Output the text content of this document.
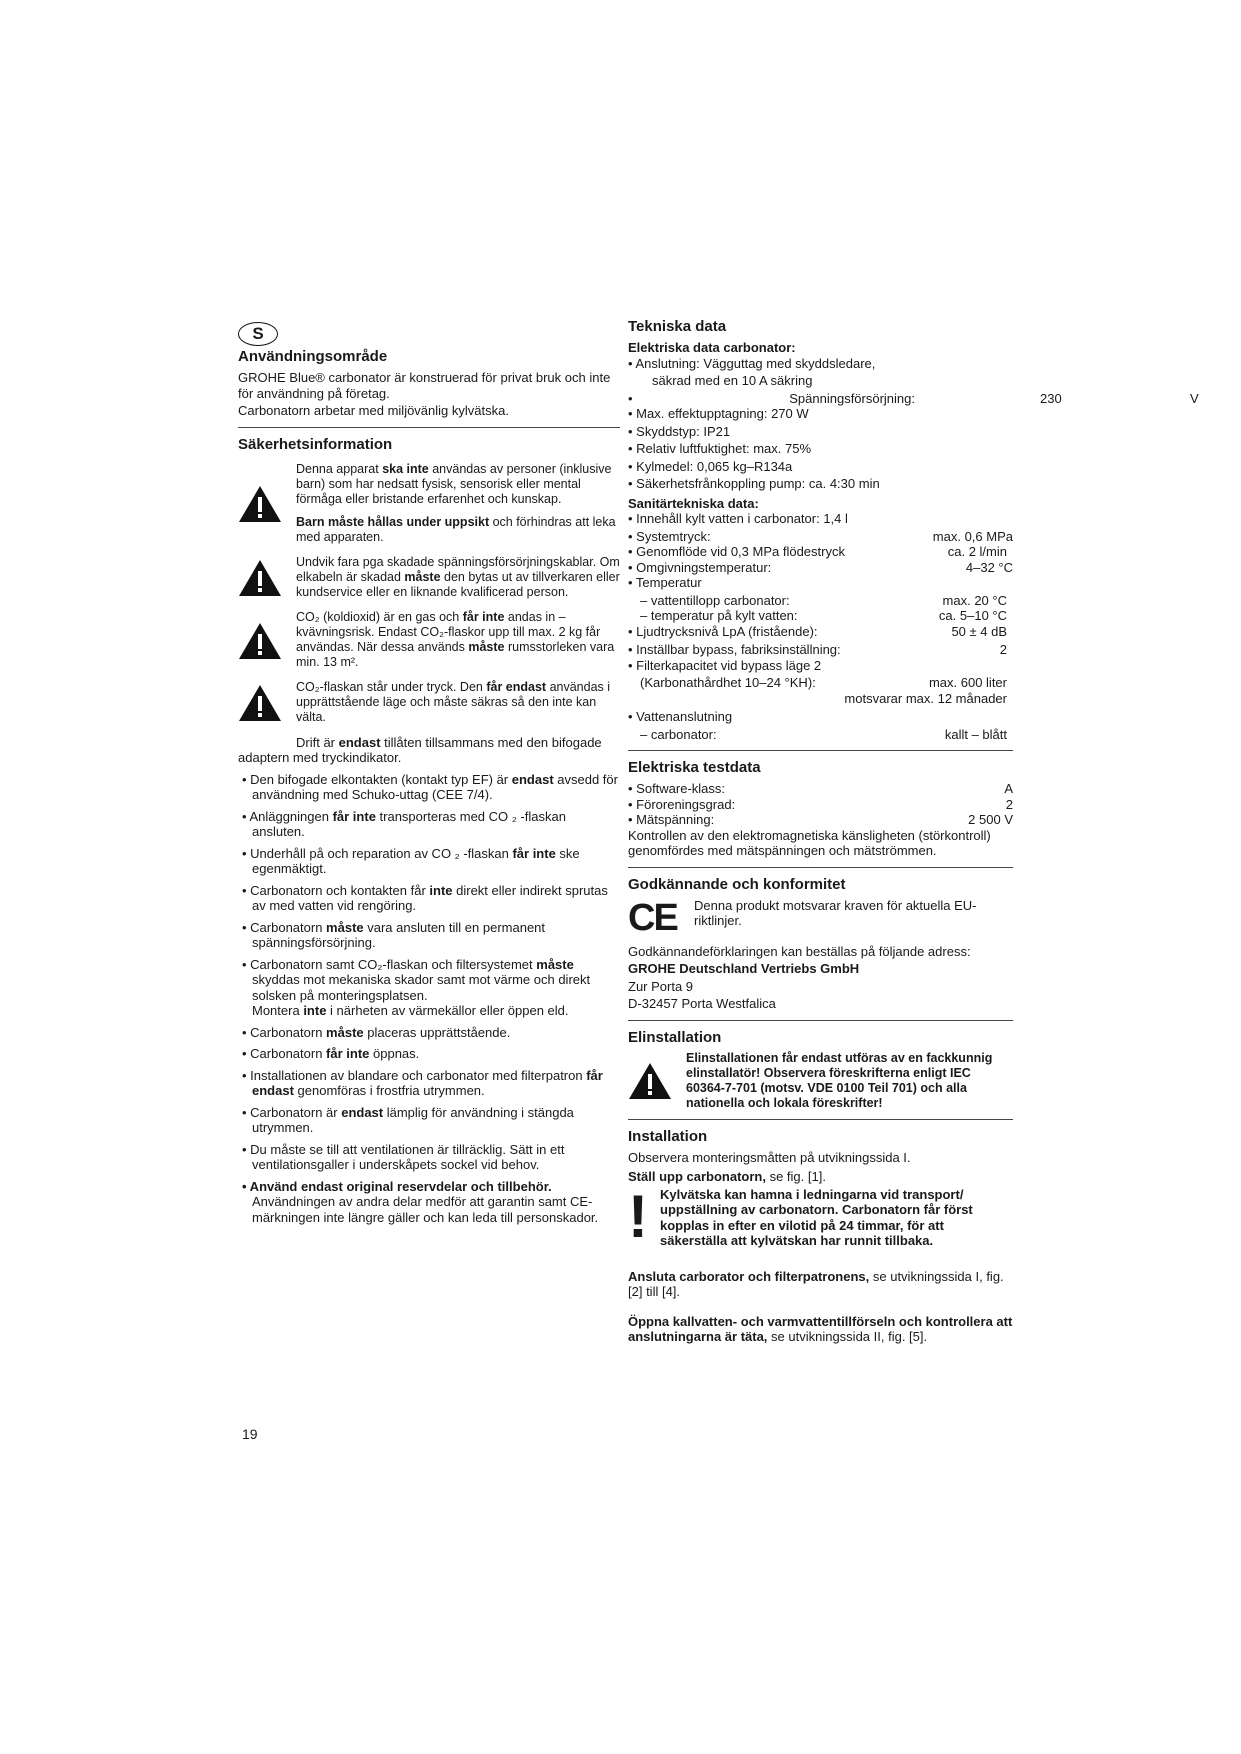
S
Användningsområde

GROHE Blue® carbonator är konstruerad för privat bruk och inte för användning på företag.

Carbonatorn arbetar med miljövänlig kylvätska.

Säkerhetsinformation

Denna apparat ska inte användas av personer (inklusive barn) som har nedsatt fysisk, sensorisk eller mental förmåga eller bristande erfarenhet och kunskap.

Barn måste hållas under uppsikt och förhindras att leka med apparaten.

Undvik fara pga skadade spänningsförsörjningskablar. Om elkabeln är skadad måste den bytas ut av tillverkaren eller kundservice eller en liknande kvalificerad person.

CO₂ (koldioxid) är en gas och får inte andas in – kvävningsrisk. Endast CO₂-flaskor upp till max. 2 kg får användas. När dessa används måste rumsstorleken vara min. 13 m².

CO₂-flaskan står under tryck. Den får endast användas i upprättstående läge och måste säkras så den inte kan välta.

Drift är endast tillåten tillsammans med den bifogade adaptern med tryckindikator.

• Den bifogade elkontakten (kontakt typ EF) är endast avsedd för användning med Schuko-uttag (CEE 7/4).

• Anläggningen får inte transporteras med CO ₂ -flaskan ansluten.

• Underhåll på och reparation av CO ₂ -flaskan får inte ske egenmäktigt.

• Carbonatorn och kontakten får inte direkt eller indirekt sprutas av med vatten vid rengöring.

• Carbonatorn måste vara ansluten till en permanent spänningsförsörjning.

• Carbonatorn samt CO₂-flaskan och filtersystemet måste skyddas mot mekaniska skador samt mot värme och direkt solsken på monteringsplatsen.
Montera inte i närheten av värmekällor eller öppen eld.

• Carbonatorn måste placeras upprättstående.

• Carbonatorn får inte öppnas.

• Installationen av blandare och carbonator med filterpatron får endast genomföras i frostfria utrymmen.

• Carbonatorn är endast lämplig för användning i stängda utrymmen.

• Du måste se till att ventilationen är tillräcklig. Sätt in ett ventilationsgaller i underskåpets sockel vid behov.

• Använd endast original reservdelar och tillbehör.
Användningen av andra delar medför att garantin samt CE-märkningen inte längre gäller och kan leda till personskador.

Tekniska data
Elektriska data carbonator:

• Anslutning: Vägguttag med skyddsledare,

säkrad med en 10 A säkring

•	Spänningsförsörjning:	230	V

• Max. effektupptagning: 270 W

• Skyddstyp: IP21

• Relativ luftfuktighet: max. 75%

• Kylmedel: 0,065 kg–R134a

• Säkerhetsfrånkoppling pump: ca. 4:30 min

Sanitärtekniska data:

• Innehåll kylt vatten i carbonator: 1,4 l

• Systemtryck:	max. 0,6 MPa
• Genomflöde vid 0,3 MPa flödestryck	ca. 2 l/min
• Omgivningstemperatur:	4–32 °C

• Temperatur

– vattentillopp carbonator:	max. 20 °C
– temperatur på kylt vatten:	ca. 5–10 °C
• Ljudtrycksnivå LpA (fristående):	50 ± 4 dB
• Inställbar bypass, fabriksinställning:	2

• Filterkapacitet vid bypass läge 2

(Karbonathårdhet 10–24 °KH):	max. 600 liter
motsvarar max. 12 månader

• Vattenanslutning

– carbonator:	kallt – blått
Elektriska testdata
• Software-klass:	A
• Föroreningsgrad:	2
• Mätspänning:	2 500 V

Kontrollen av den elektromagnetiska känsligheten (störkontroll) genomfördes med mätspänningen och mätströmmen.

Godkännande och konformitet
CE	Denna produkt motsvarar kraven för aktuella EU-riktlinjer.

Godkännandeförklaringen kan beställas på följande adress:

GROHE Deutschland Vertriebs GmbH

Zur Porta 9

D-32457 Porta Westfalica

Elinstallation
Elinstallationen får endast utföras av en fackkunnig elinstallatör! Observera föreskrifterna enligt IEC 60364-7-701 (motsv. VDE 0100 Teil 701) och alla nationella och lokala föreskrifter!
Installation

Observera monteringsmåtten på utvikningssida I.

Ställ upp carbonatorn, se fig. [1].

! Kylvätska kan hamna i ledningarna vid transport/ uppställning av carbonatorn. Carbonatorn får först kopplas in efter en vilotid på 24 timmar, för att säkerställa att kylvätskan har runnit tillbaka.

Ansluta carborator och filterpatronens, se utvikningssida I, fig. [2] till [4].

Öppna kallvatten- och varmvattentillförseln och kontrollera att anslutningarna är täta, se utvikningssida II, fig. [5].

19
